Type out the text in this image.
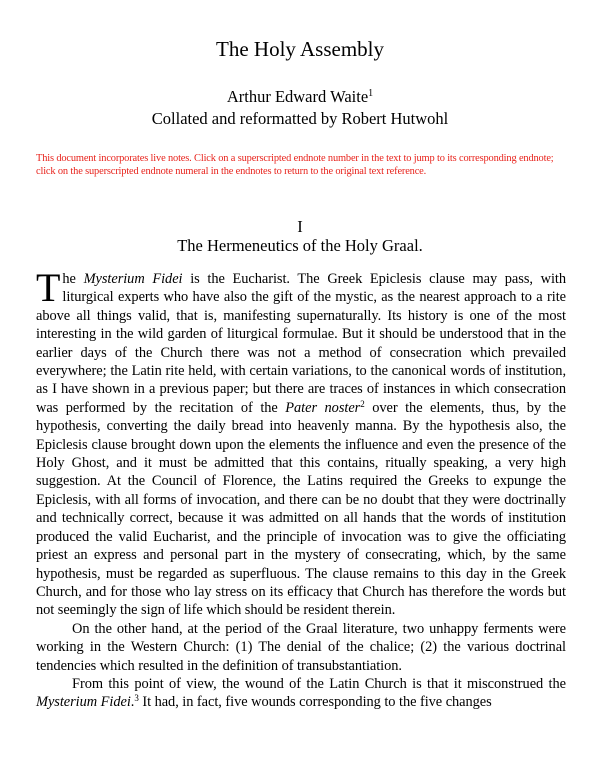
The Holy Assembly
Arthur Edward Waite$^1$
Collated and reformatted by Robert Hutwohl
This document incorporates live notes. Click on a superscripted endnote number in the text to jump to its corresponding endnote; click on the superscripted endnote numeral in the endnotes to return to the original text reference.
I
The Hermeneutics of the Holy Graal.

The Mysterium Fidei is the Eucharist. The Greek Epiclesis clause may pass, with liturgical experts who have also the gift of the mystic, as the nearest approach to a rite above all things valid, that is, manifesting supernaturally. Its history is one of the most interesting in the wild garden of liturgical formulae. But it should be understood that in the earlier days of the Church there was not a method of consecration which prevailed everywhere; the Latin rite held, with certain variations, to the canonical words of institution, as I have shown in a previous paper; but there are traces of instances in which consecration was performed by the recitation of the Pater noster$^2$ over the elements, thus, by the hypothesis, converting the daily bread into heavenly manna. By the hypothesis also, the Epiclesis clause brought down upon the elements the influence and even the presence of the Holy Ghost, and it must be admitted that this contains, ritually speaking, a very high suggestion. At the Council of Florence, the Latins required the Greeks to expunge the Epiclesis, with all forms of invocation, and there can be no doubt that they were doctrinally and technically correct, because it was admitted on all hands that the words of institution produced the valid Eucharist, and the principle of invocation was to give the officiating priest an express and personal part in the mystery of consecrating, which, by the same hypothesis, must be regarded as superfluous. The clause remains to this day in the Greek Church, and for those who lay stress on its efficacy that Church has therefore the words but not seemingly the sign of life which should be resident therein.

On the other hand, at the period of the Graal literature, two unhappy ferments were working in the Western Church: (1) The denial of the chalice; (2) the various doctrinal tendencies which resulted in the definition of transubstantiation.

From this point of view, the wound of the Latin Church is that it misconstrued the Mysterium Fidei.$^3$ It had, in fact, five wounds corresponding to the five changes
